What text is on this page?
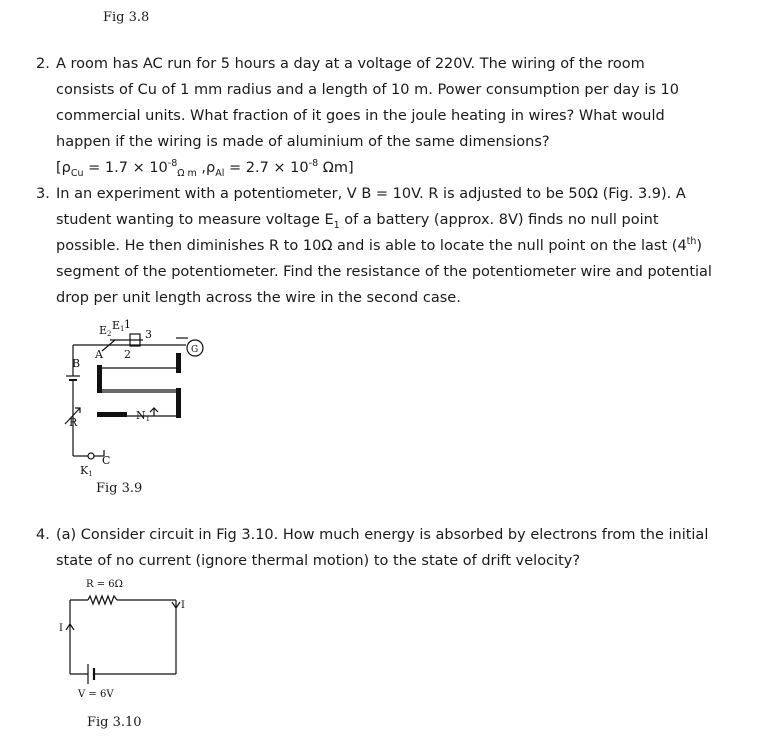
Fig 3.8
2. A room has AC run for 5 hours a day at a voltage of 220V. The wiring of the room
consists of Cu of 1 mm radius and a length of 10 m. Power consumption per day is 10
commercial units. What fraction of it goes in the joule heating in wires? What would
happen if the wiring is made of aluminium of the same dimensions?
[$\rho_{Cu} = 1.7 \times 10^{-8}_{\Omega m}$ $,\rho_{Al} = 2.7 \times 10^{-8}$ Ωm]
3. In an experiment with a potentiometer, V B = 10V. R is adjusted to be 50Ω (Fig. 3.9). A
student wanting to measure voltage $E_1$ of a battery (approx. 8V) finds no null point
possible. He then diminishes R to 10Ω and is able to locate the null point on the last (4th)
segment of the potentiometer. Find the resistance of the potentiometer wire and potential
drop per unit length across the wire in the second case.
E2
E1 1
3
2
A
B
R
N1
K1
C
G
Fig 3.9
4. (a) Consider circuit in Fig 3.10. How much energy is absorbed by electrons from the initial
state of no current (ignore thermal motion) to the state of drift velocity?
R = 6Ω
I
I
V = 6V
Fig 3.10
